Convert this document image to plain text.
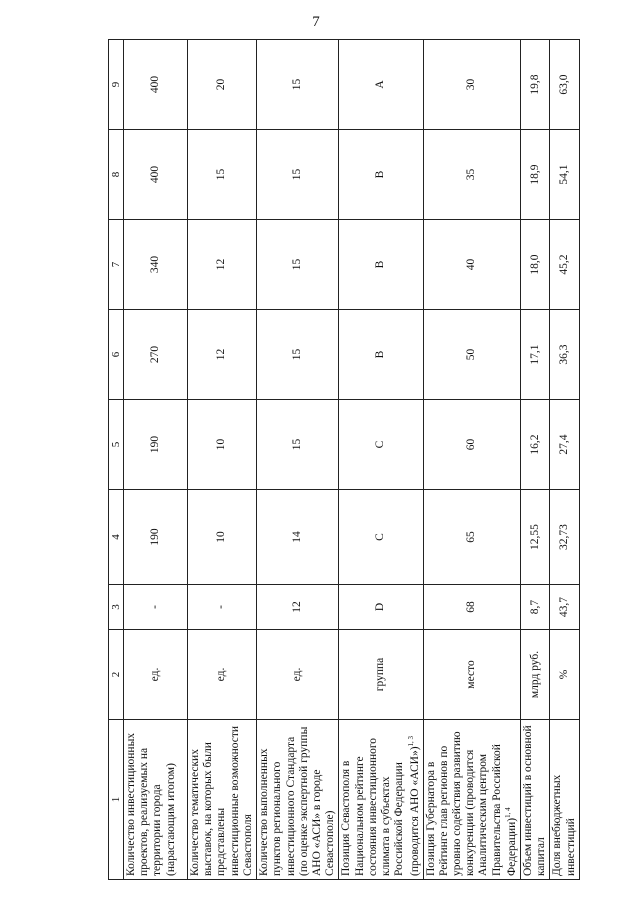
7
1	2	3	4	5	6	7	8	9
Количество инвестиционных проектов, реализуемых на территории города (нарастающим итогом)	ед.	-	190	190	270	340	400	400
Количество тематических выставок, на которых были представлены инвестиционные возможности Севастополя	ед.	-	10	10	12	12	15	20
Количество выполненных пунктов регионального инвестиционного Стандарта (по оценке экспертной группы АНО «АСИ» в городе Севастополе)	ед.	12	14	15	15	15	15	15
Позиция Севастополя в Национальном рейтинге состояния инвестиционного климата в субъектах Российской Федерации (проводится АНО «АСИ»)$^{1, 3}$	группа	D	С	С	В	В	В	А
Позиция Губернатора в Рейтинге глав регионов по уровню содействия развитию конкуренции (проводится Аналитическим центром Правительства Российской Федерации)$^{1, 4}$	место	68	65	60	50	40	35	30
Объем инвестиций в основной капитал	млрд руб.	8,7	12,55	16,2	17,1	18,0	18,9	19,8
Доля внебюджетных инвестиций	%	43,7	32,73	27,4	36,3	45,2	54,1	63,0
